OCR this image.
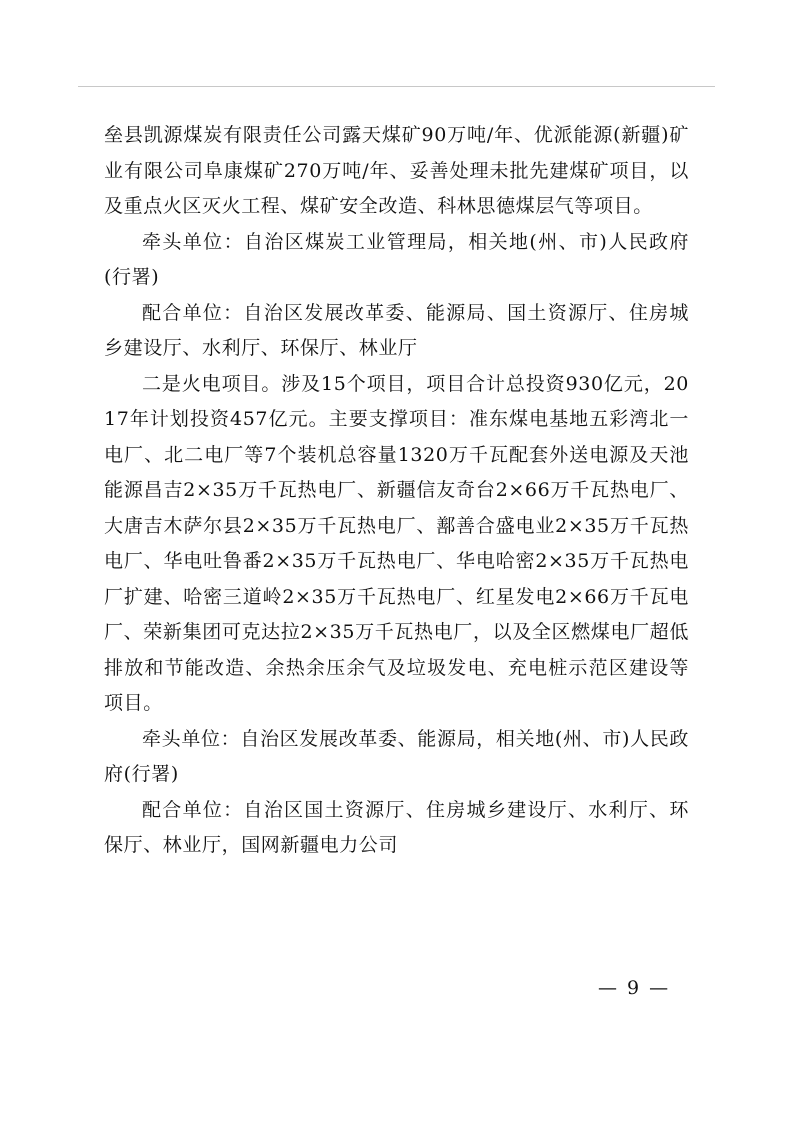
垒县凯源煤炭有限责任公司露天煤矿90万吨/年、优派能源(新疆)矿业有限公司阜康煤矿270万吨/年、妥善处理未批先建煤矿项目，以及重点火区灭火工程、煤矿安全改造、科林思德煤层气等项目。

牵头单位：自治区煤炭工业管理局，相关地(州、市)人民政府(行署)

配合单位：自治区发展改革委、能源局、国土资源厅、住房城乡建设厅、水利厅、环保厅、林业厅

二是火电项目。涉及15个项目，项目合计总投资930亿元，2017年计划投资457亿元。主要支撑项目：准东煤电基地五彩湾北一电厂、北二电厂等7个装机总容量1320万千瓦配套外送电源及天池能源昌吉2×35万千瓦热电厂、新疆信友奇台2×66万千瓦热电厂、大唐吉木萨尔县2×35万千瓦热电厂、鄯善合盛电业2×35万千瓦热电厂、华电吐鲁番2×35万千瓦热电厂、华电哈密2×35万千瓦热电厂扩建、哈密三道岭2×35万千瓦热电厂、红星发电2×66万千瓦电厂、荣新集团可克达拉2×35万千瓦热电厂，以及全区燃煤电厂超低排放和节能改造、余热余压余气及垃圾发电、充电桩示范区建设等项目。

牵头单位：自治区发展改革委、能源局，相关地(州、市)人民政府(行署)

配合单位：自治区国土资源厅、住房城乡建设厅、水利厅、环保厅、林业厅，国网新疆电力公司

— 9 —
